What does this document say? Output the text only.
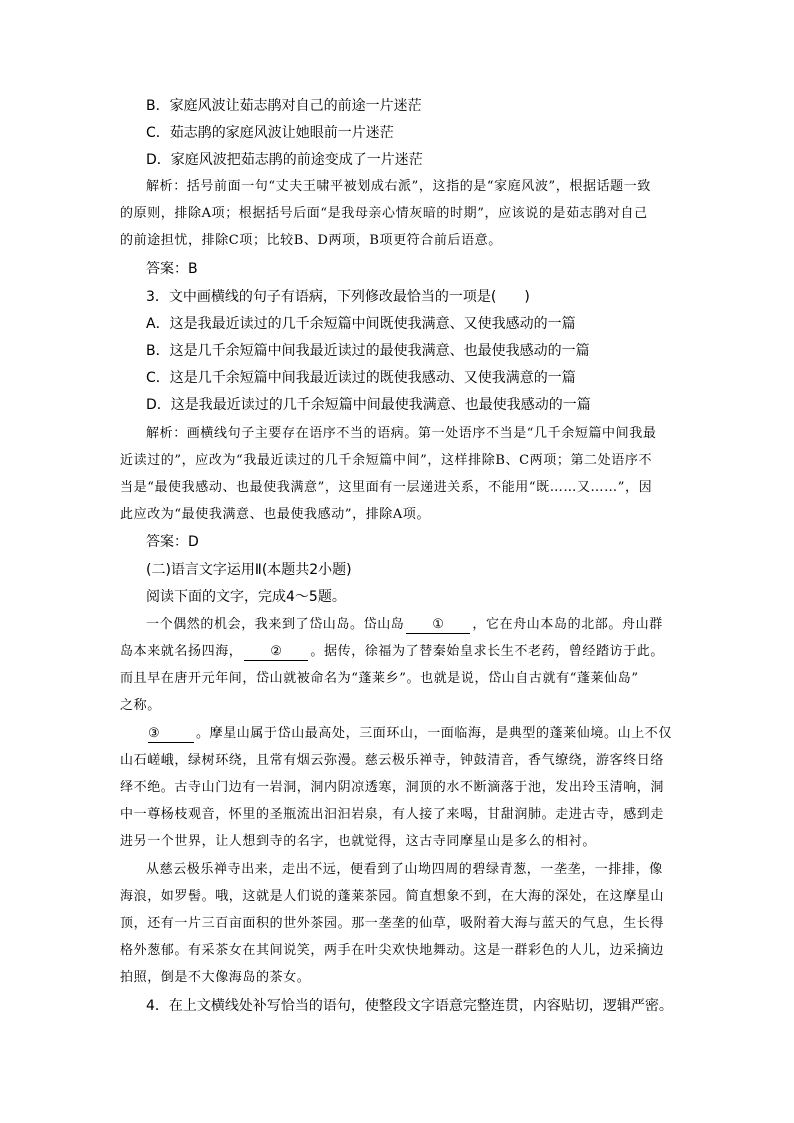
B．家庭风波让茹志鹃对自己的前途一片迷茫
C．茹志鹃的家庭风波让她眼前一片迷茫
D．家庭风波把茹志鹃的前途变成了一片迷茫
解析：括号前面一句“丈夫王啸平被划成右派”，这指的是“家庭风波”，根据话题一致
的原则，排除A项；根据括号后面“是我母亲心情灰暗的时期”，应该说的是茹志鹃对自己
的前途担忧，排除C项；比较B、D两项，B项更符合前后语意。
答案：B
3．文中画横线的句子有语病，下列修改最恰当的一项是(　　)
A．这是我最近读过的几千余短篇中间既使我满意、又使我感动的一篇
B．这是几千余短篇中间我最近读过的最使我满意、也最使我感动的一篇
C．这是几千余短篇中间我最近读过的既使我感动、又使我满意的一篇
D．这是我最近读过的几千余短篇中间最使我满意、也最使我感动的一篇
解析：画横线句子主要存在语序不当的语病。第一处语序不当是“几千余短篇中间我最
近读过的”，应改为“我最近读过的几千余短篇中间”，这样排除B、C两项；第二处语序不
当是“最使我感动、也最使我满意”，这里面有一层递进关系，不能用“既……又……”，因
此应改为“最使我满意、也最使我感动”，排除A项。
答案：D
(二)语言文字运用Ⅱ(本题共2小题)
阅读下面的文字，完成4～5题。
一个偶然的机会，我来到了岱山岛。岱山岛 ① ，它在舟山本岛的北部。舟山群
岛本来就名扬四海， ② 。据传，徐福为了替秦始皇求长生不老药，曾经踏访于此。
而且早在唐开元年间，岱山就被命名为“蓬莱乡”。也就是说，岱山自古就有“蓬莱仙岛”
之称。
③	。摩星山属于岱山最高处，三面环山，一面临海，是典型的蓬莱仙境。山上不仅
山石嵯峨，绿树环绕，且常有烟云弥漫。慈云极乐禅寺，钟鼓清音，香气缭绕，游客终日络
绎不绝。古寺山门边有一岩洞，洞内阴凉透寒，洞顶的水不断滴落于池，发出玲玉清响，洞
中一尊杨枝观音，怀里的圣瓶流出汩汩岩泉，有人接了来喝，甘甜润肺。走进古寺，感到走
进另一个世界，让人想到寺的名字，也就觉得，这古寺同摩星山是多么的相衬。
从慈云极乐禅寺出来，走出不远，便看到了山坳四周的碧绿青葱，一垄垄，一排排，像
海浪，如罗髻。哦，这就是人们说的蓬莱茶园。简直想象不到，在大海的深处，在这摩星山
顶，还有一片三百亩面积的世外茶园。那一垄垄的仙草，吸附着大海与蓝天的气息，生长得
格外葱郁。有采茶女在其间说笑，两手在叶尖欢快地舞动。这是一群彩色的人儿，边采摘边
拍照，倒是不大像海岛的茶女。
4．在上文横线处补写恰当的语句，使整段文字语意完整连贯，内容贴切，逻辑严密。
